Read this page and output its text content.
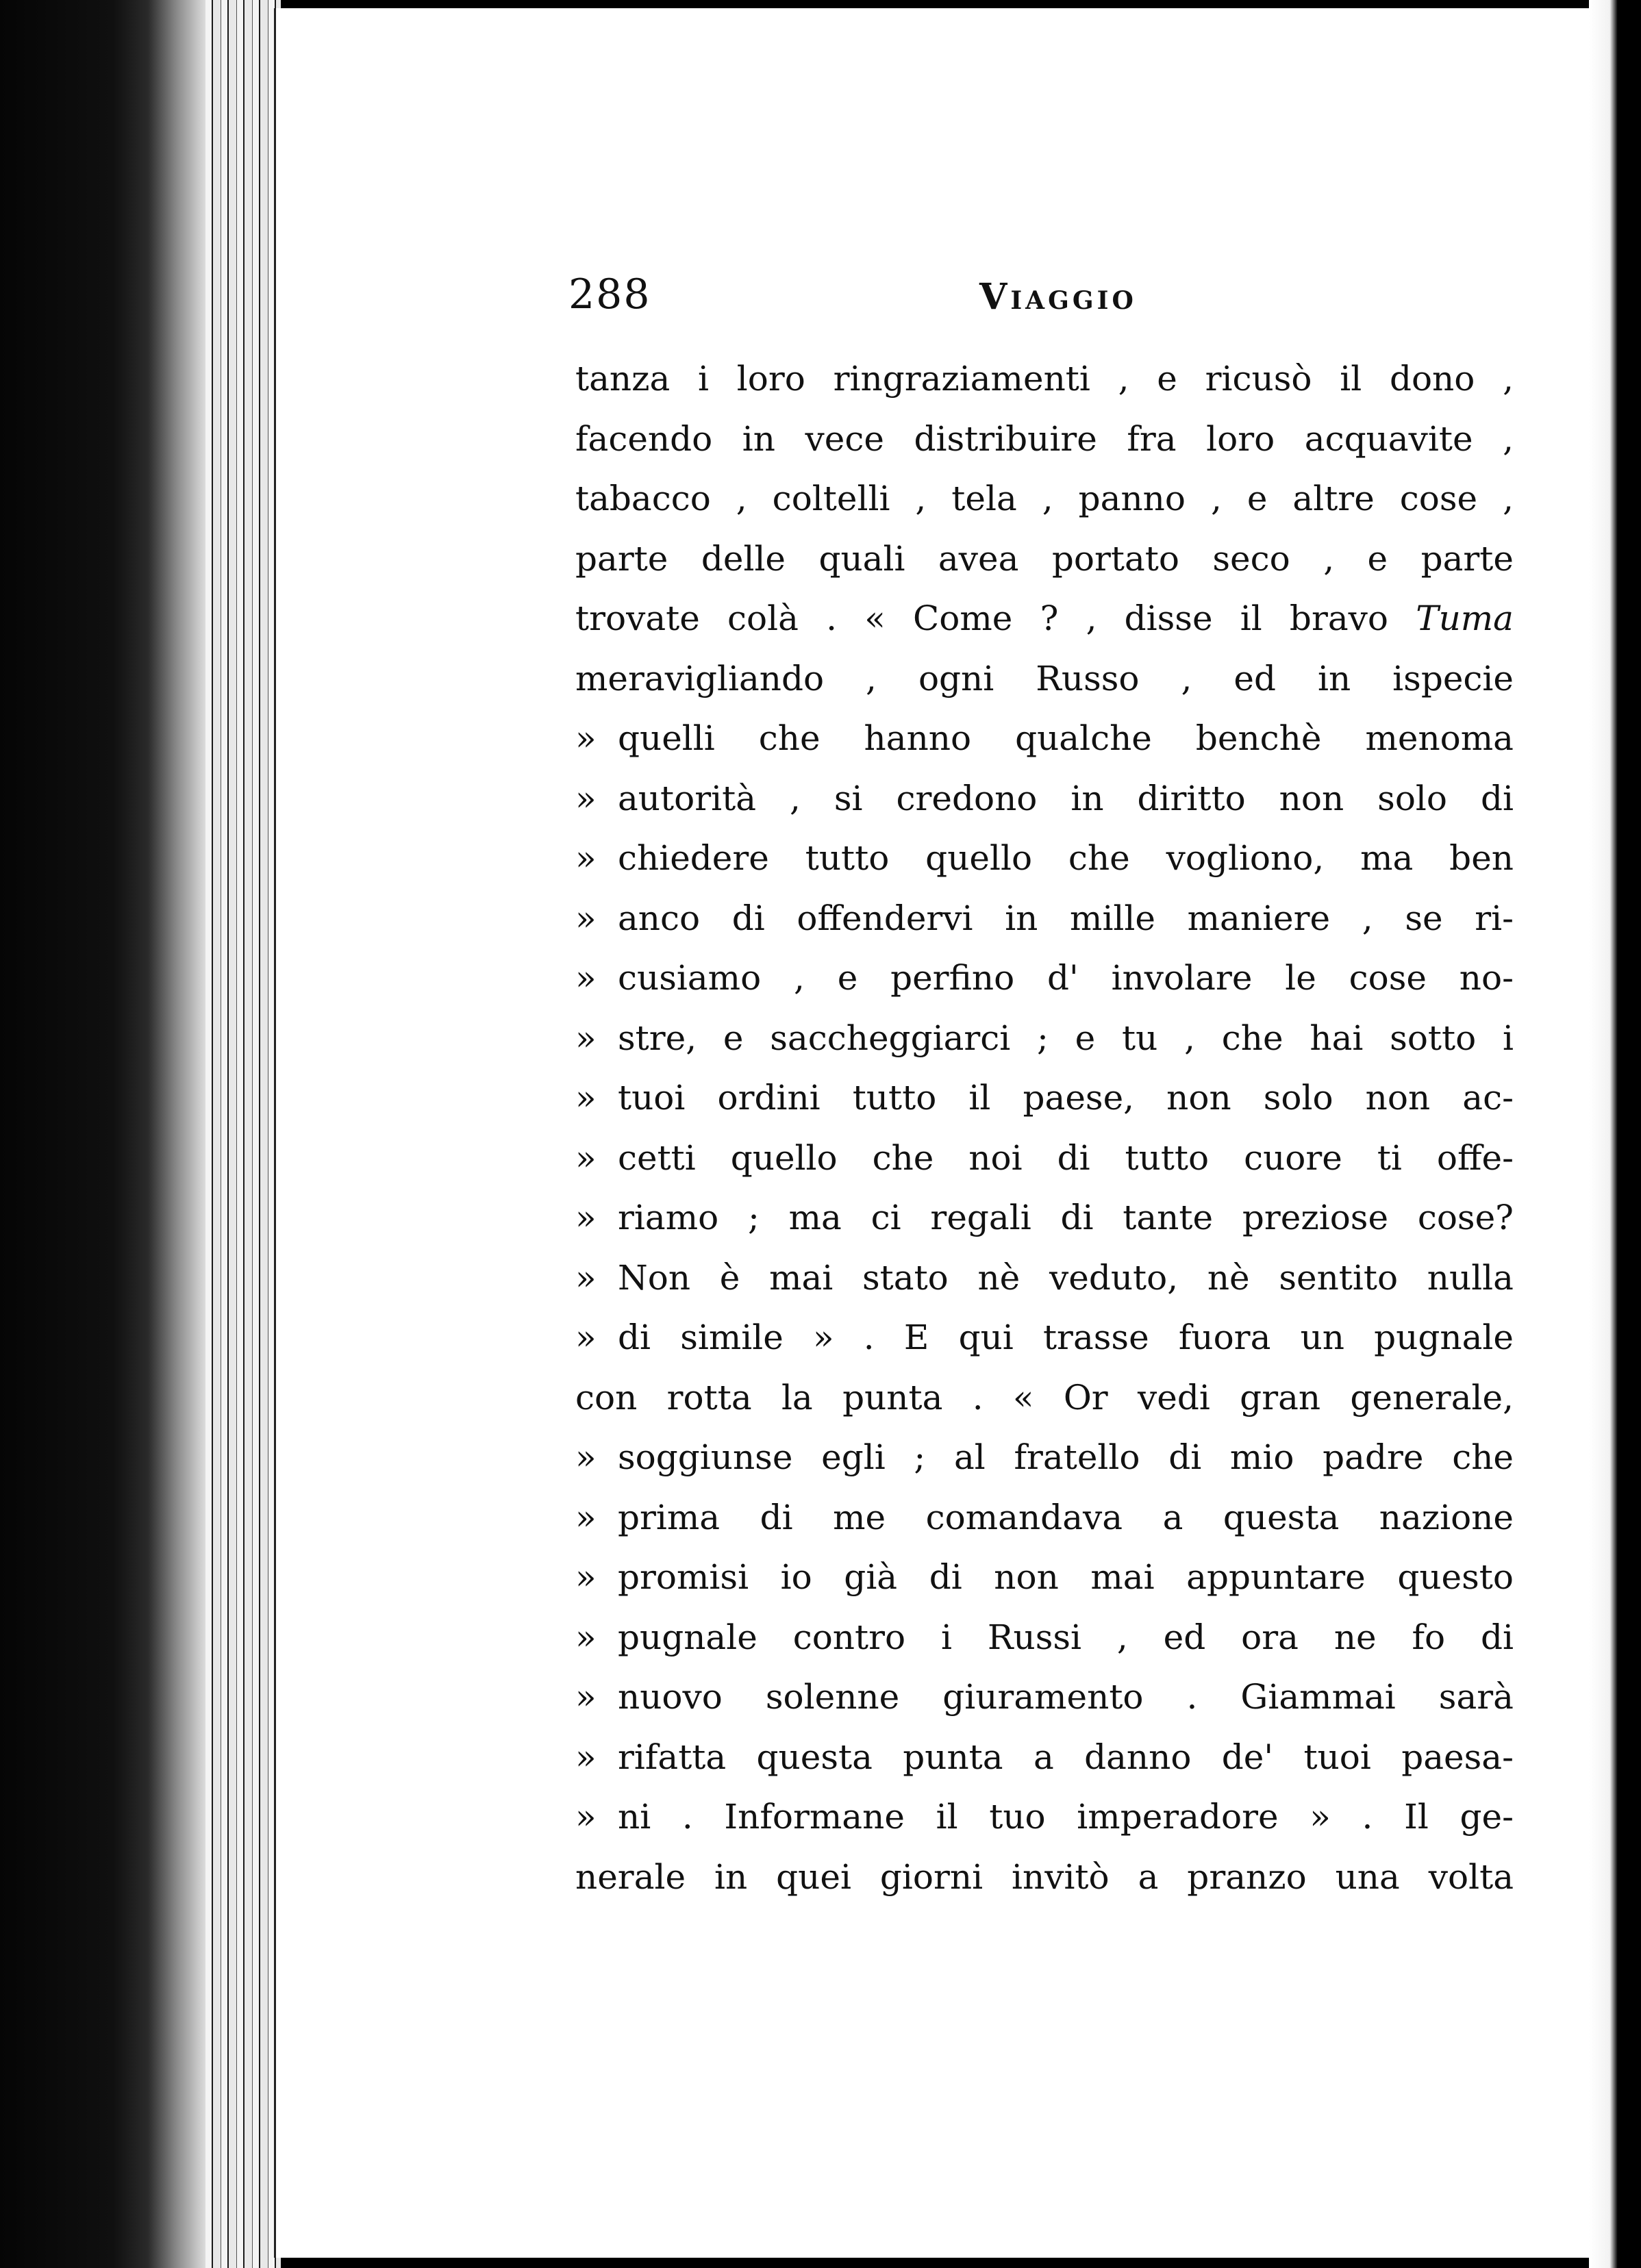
288	Viaggio
tanza i loro ringraziamenti , e ricusò il dono ,
facendo in vece distribuire fra loro acquavite ,
tabacco , coltelli , tela , panno , e altre cose ,
parte delle quali avea portato seco , e parte
trovate colà . « Come ? , disse il bravo Tuma
meravigliando , ogni Russo , ed in ispecie
» quelli che hanno qualche benchè menoma
» autorità , si credono in diritto non solo di
» chiedere tutto quello che vogliono, ma ben
» anco di offendervi in mille maniere , se ri-
» cusiamo , e perfino d' involare le cose no-
» stre, e saccheggiarci ; e tu , che hai sotto i
» tuoi ordini tutto il paese, non solo non ac-
» cetti quello che noi di tutto cuore ti offe-
» riamo ; ma ci regali di tante preziose cose?
» Non è mai stato nè veduto, nè sentito nulla
» di simile » . E qui trasse fuora un pugnale
con rotta la punta . « Or vedi gran generale,
» soggiunse egli ; al fratello di mio padre che
» prima di me comandava a questa nazione
» promisi io già di non mai appuntare questo
» pugnale contro i Russi , ed ora ne fo di
» nuovo solenne giuramento . Giammai sarà
» rifatta questa punta a danno de' tuoi paesa-
» ni . Informane il tuo imperadore » . Il ge-
nerale in quei giorni invitò a pranzo una volta
